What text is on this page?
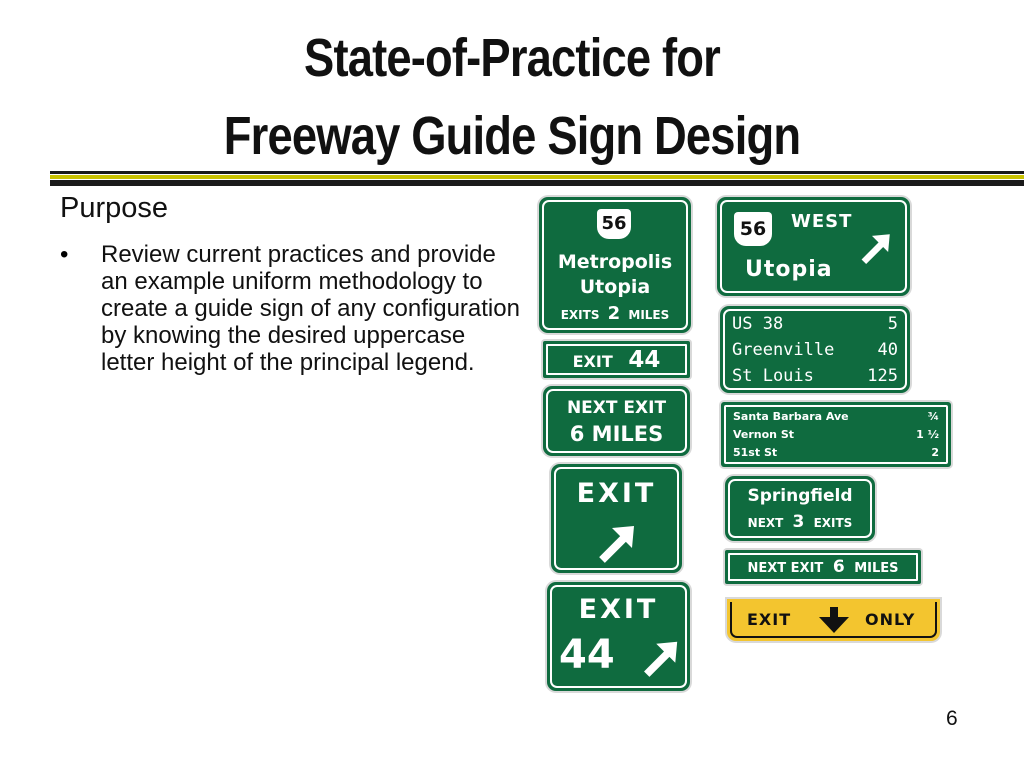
State-of-Practice for
Freeway Guide Sign Design
Purpose
• Review current practices and provide an example uniform methodology to create a guide sign of any configuration by knowing the desired uppercase letter height of the principal legend.
56
Metropolis
Utopia
EXITS 2 MILES
EXIT 44
NEXT EXIT
6 MILES
EXIT
EXIT
44
56	WEST
Utopia
US 38	5
Greenville	40
St Louis	125
Santa Barbara Ave	¾
Vernon St	1 ½
51st St	2
Springfield
NEXT 3 EXITS
NEXT EXIT 6 MILES
EXIT	ONLY
6
